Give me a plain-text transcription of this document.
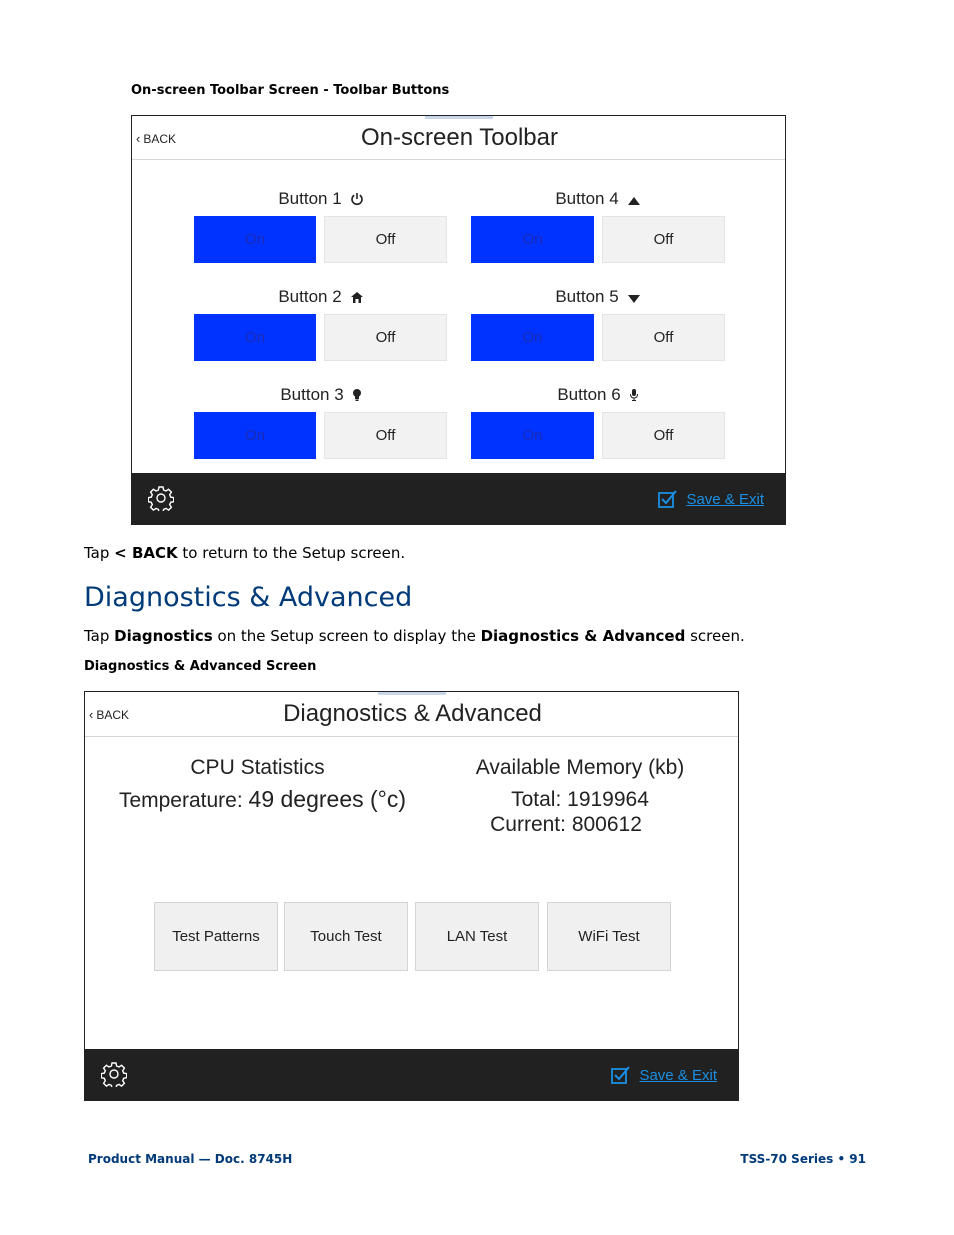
On-screen Toolbar Screen - Toolbar Buttons
‹ BACK	On-screen Toolbar
Button 1
On	Off
Button 4
On	Off
Button 2
On	Off
Button 5
On	Off
Button 3
On	Off
Button 6
On	Off
Save & Exit
Tap < BACK to return to the Setup screen.
Diagnostics & Advanced
Tap Diagnostics on the Setup screen to display the Diagnostics & Advanced screen.
Diagnostics & Advanced Screen
‹ BACK	Diagnostics & Advanced
CPU Statistics
Temperature: 49 degrees (°c)
Available Memory (kb)
Total: 1919964
Current: 800612
Test Patterns	Touch Test	LAN Test	WiFi Test
Save & Exit
Product Manual — Doc. 8745H	TSS-70 Series • 91
